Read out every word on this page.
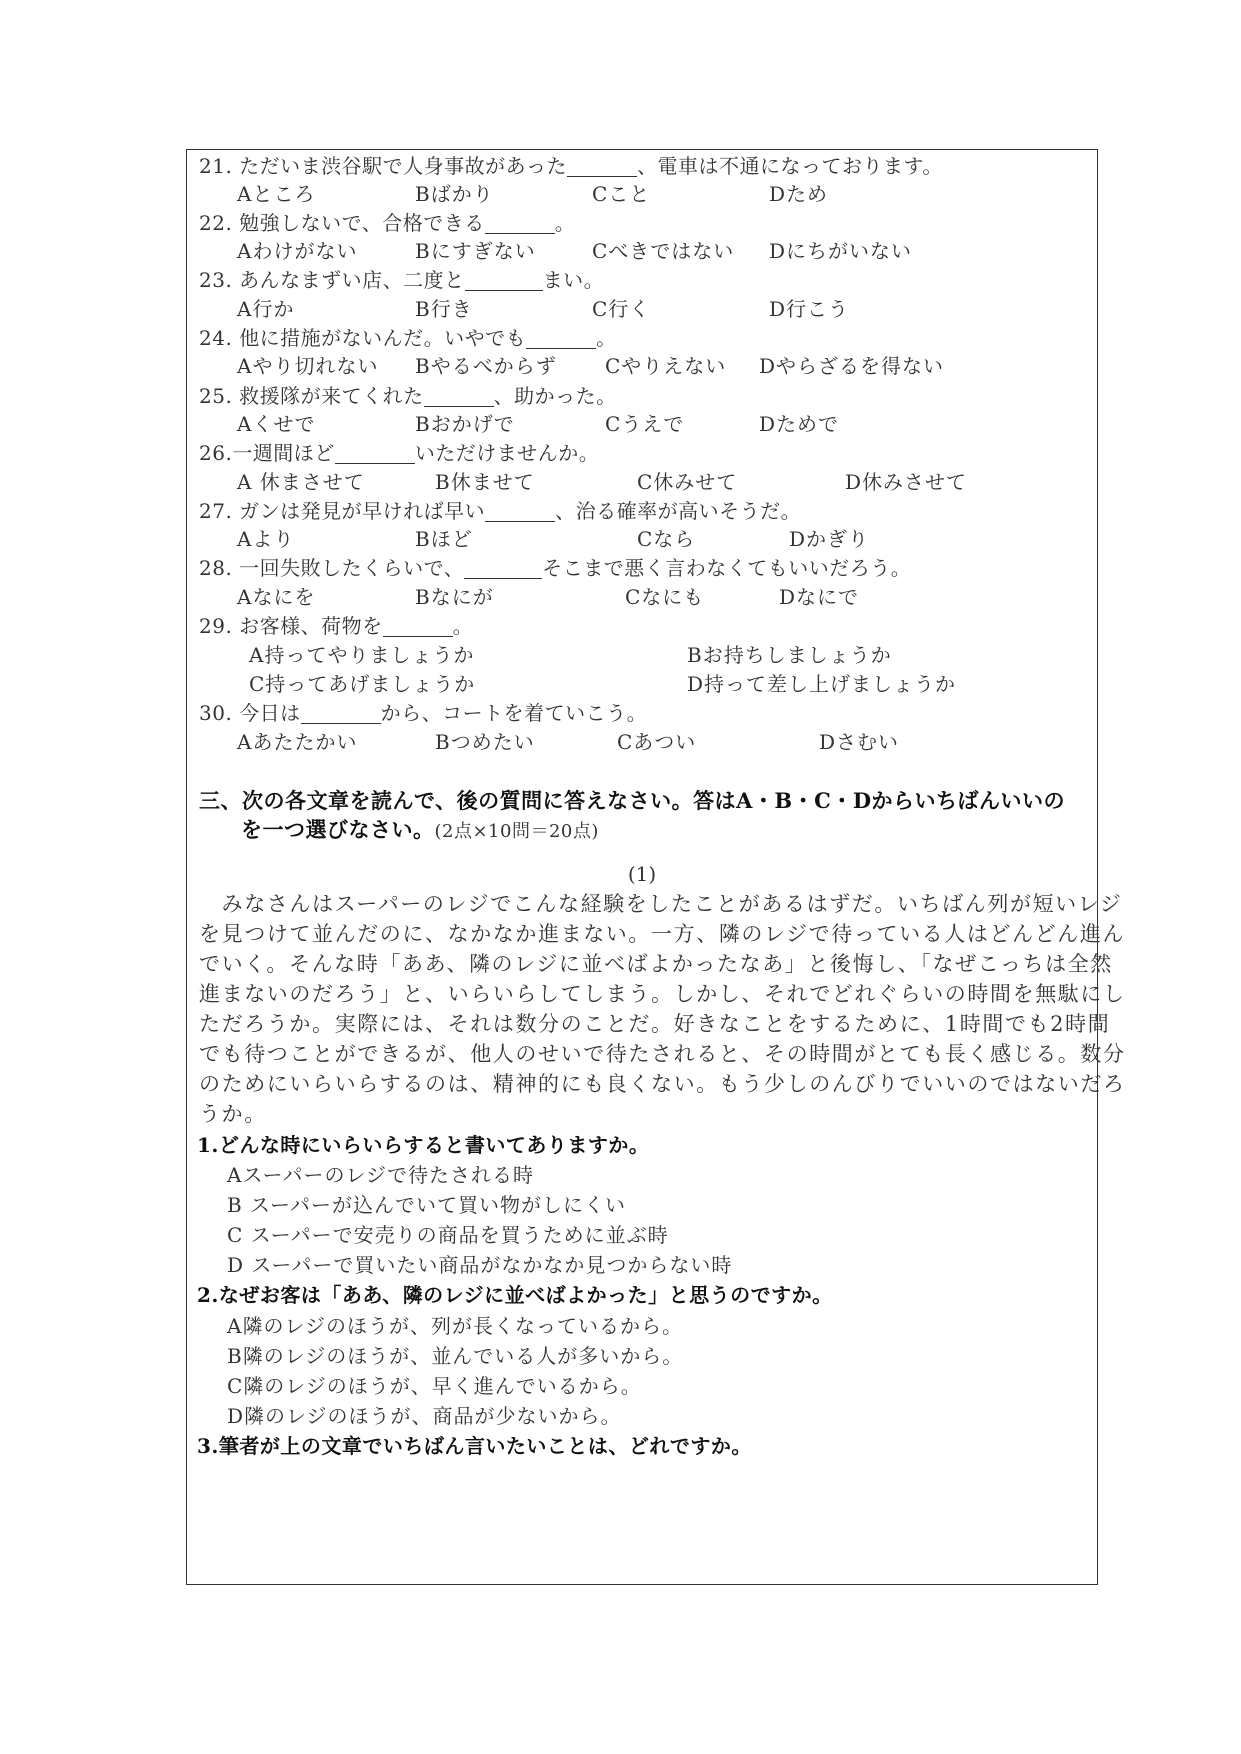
21. ただいま渋谷駅で人身事故があった	、電車は不通になっております。
Aところ	Bばかり	Cこと	Dため
22. 勉強しないで、合格できる	。
Aわけがない	Bにすぎない	Cべきではない Dにちがいない
23. あんなまずい店、二度と	まい。
A行か	B行き	C行く	D行こう
24. 他に措施がないんだ。いやでも	。
Aやり切れない Bやるべからず Cやりえない Dやらざるを得ない
25. 救援隊が来てくれた	、助かった。
Aくせで	Bおかげで	Cうえで	Dためで
26.一週間ほど	いただけませんか。
A 休まさせて	B休ませて	C休みせて	D休みさせて
27. ガンは発見が早ければ早い	、治る確率が高いそうだ。
Aより	Bほど	Cなら	Dかぎり
28. 一回失敗したくらいで、	そこまで悪く言わなくてもいいだろう。
Aなにを	Bなにが	Cなにも	Dなにで
29. お客様、荷物を	。
A持ってやりましょうか	Bお持ちしましょうか
C持ってあげましょうか	D持って差し上げましょうか
30. 今日は	から、コートを着ていこう。
Aあたたかい	Bつめたい	Cあつい	Dさむい
三、次の各文章を読んで、後の質問に答えなさい。答はA・B・C・Dからいちばんいいの
を一つ選びなさい。(2点×10問＝20点)
(1)
　みなさんはスーパーのレジでこんな経験をしたことがあるはずだ。いちばん列が短いレジ
を見つけて並んだのに、なかなか進まない。一方、隣のレジで待っている人はどんどん進ん
でいく。そんな時「ああ、隣のレジに並べばよかったなあ」と後悔し、「なぜこっちは全然
進まないのだろう」と、いらいらしてしまう。しかし、それでどれぐらいの時間を無駄にし
ただろうか。実際には、それは数分のことだ。好きなことをするために、1時間でも2時間
でも待つことができるが、他人のせいで待たされると、その時間がとても長く感じる。数分
のためにいらいらするのは、精神的にも良くない。もう少しのんびりでいいのではないだろ
うか。
1.どんな時にいらいらすると書いてありますか。
Aスーパーのレジで待たされる時
B スーパーが込んでいて買い物がしにくい
C スーパーで安売りの商品を買うために並ぶ時
D スーパーで買いたい商品がなかなか見つからない時
2.なぜお客は「ああ、隣のレジに並べばよかった」と思うのですか。
A隣のレジのほうが、列が長くなっているから。
B隣のレジのほうが、並んでいる人が多いから。
C隣のレジのほうが、早く進んでいるから。
D隣のレジのほうが、商品が少ないから。
3.筆者が上の文章でいちばん言いたいことは、どれですか。
